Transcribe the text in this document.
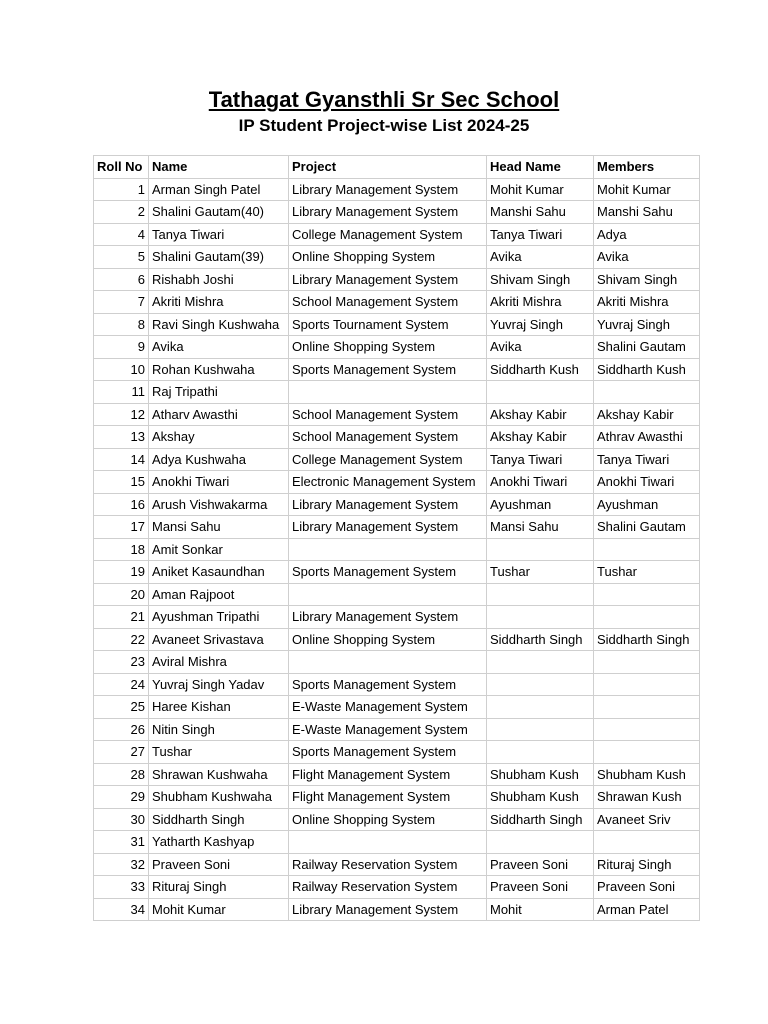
Tathagat Gyansthli Sr Sec School
IP Student Project-wise List 2024-25
Roll No	Name	Project	Head Name	Members
1	Arman Singh Patel	Library Management System	Mohit Kumar	Mohit Kumar
2	Shalini Gautam(40)	Library Management System	Manshi Sahu	Manshi Sahu
4	Tanya Tiwari	College Management System	Tanya Tiwari	Adya
5	Shalini Gautam(39)	Online Shopping System	Avika	Avika
6	Rishabh Joshi	Library Management System	Shivam Singh	Shivam Singh
7	Akriti Mishra	School Management System	Akriti Mishra	Akriti Mishra
8	Ravi Singh Kushwaha	Sports Tournament System	Yuvraj Singh	Yuvraj Singh
9	Avika	Online Shopping System	Avika	Shalini Gautam
10	Rohan Kushwaha	Sports Management System	Siddharth Kush	Siddharth Kush
11	Raj Tripathi			
12	Atharv Awasthi	School Management System	Akshay Kabir	Akshay Kabir
13	Akshay	School Management System	Akshay Kabir	Athrav Awasthi
14	Adya Kushwaha	College Management System	Tanya Tiwari	Tanya Tiwari
15	Anokhi Tiwari	Electronic Management System	Anokhi Tiwari	Anokhi Tiwari
16	Arush Vishwakarma	Library Management System	Ayushman	Ayushman
17	Mansi Sahu	Library Management System	Mansi Sahu	Shalini Gautam
18	Amit Sonkar			
19	Aniket Kasaundhan	Sports Management System	Tushar	Tushar
20	Aman Rajpoot			
21	Ayushman Tripathi	Library Management System		
22	Avaneet Srivastava	Online Shopping System	Siddharth Singh	Siddharth Singh
23	Aviral Mishra			
24	Yuvraj Singh Yadav	Sports Management System		
25	Haree Kishan	E-Waste Management System		
26	Nitin Singh	E-Waste Management System		
27	Tushar	Sports Management System		
28	Shrawan Kushwaha	Flight Management System	Shubham Kush	Shubham Kush
29	Shubham Kushwaha	Flight Management System	Shubham Kush	Shrawan Kush
30	Siddharth Singh	Online Shopping System	Siddharth Singh	Avaneet Sriv
31	Yatharth Kashyap			
32	Praveen Soni	Railway Reservation System	Praveen Soni	Rituraj Singh
33	Rituraj Singh	Railway Reservation System	Praveen Soni	Praveen Soni
34	Mohit Kumar	Library Management System	Mohit	Arman Patel
